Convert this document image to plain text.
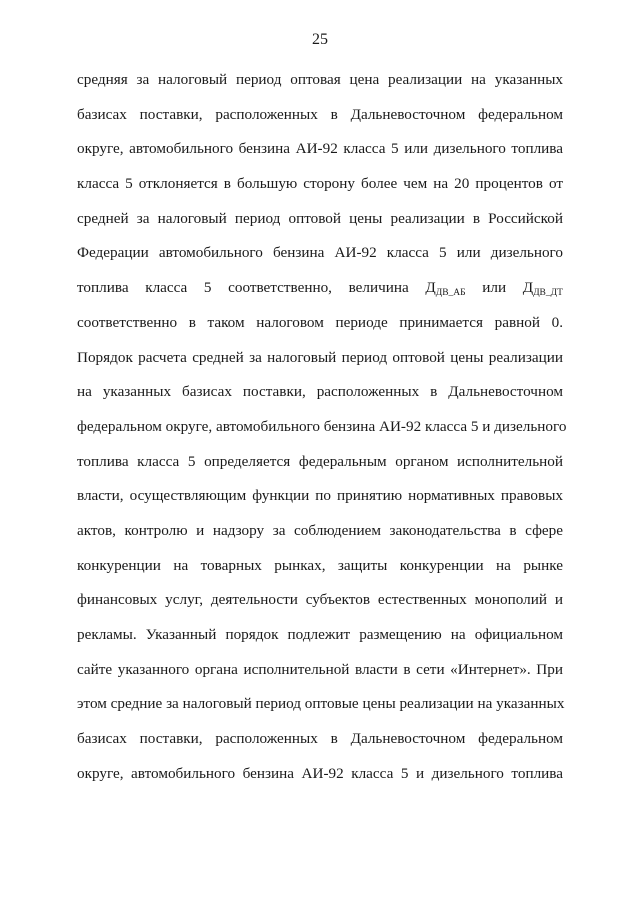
25
средняя за налоговый период оптовая цена реализации на указанных
базисах поставки, расположенных в Дальневосточном федеральном
округе, автомобильного бензина АИ-92 класса 5 или дизельного топлива
класса 5 отклоняется в большую сторону более чем на 20 процентов от
средней за налоговый период оптовой цены реализации в Российской
Федерации автомобильного бензина АИ-92 класса 5 или дизельного
топлива класса 5 соответственно, величина $Д_{ДВ\_АБ}$ или $Д_{ДВ\_ДТ}$
соответственно в таком налоговом периоде принимается равной 0.
Порядок расчета средней за налоговый период оптовой цены реализации
на указанных базисах поставки, расположенных в Дальневосточном
федеральном округе, автомобильного бензина АИ-92 класса 5 и дизельного
топлива класса 5 определяется федеральным органом исполнительной
власти, осуществляющим функции по принятию нормативных правовых
актов, контролю и надзору за соблюдением законодательства в сфере
конкуренции на товарных рынках, защиты конкуренции на рынке
финансовых услуг, деятельности субъектов естественных монополий и
рекламы. Указанный порядок подлежит размещению на официальном
сайте указанного органа исполнительной власти в сети «Интернет». При
этом средние за налоговый период оптовые цены реализации на указанных
базисах поставки, расположенных в Дальневосточном федеральном
округе, автомобильного бензина АИ-92 класса 5 и дизельного топлива
